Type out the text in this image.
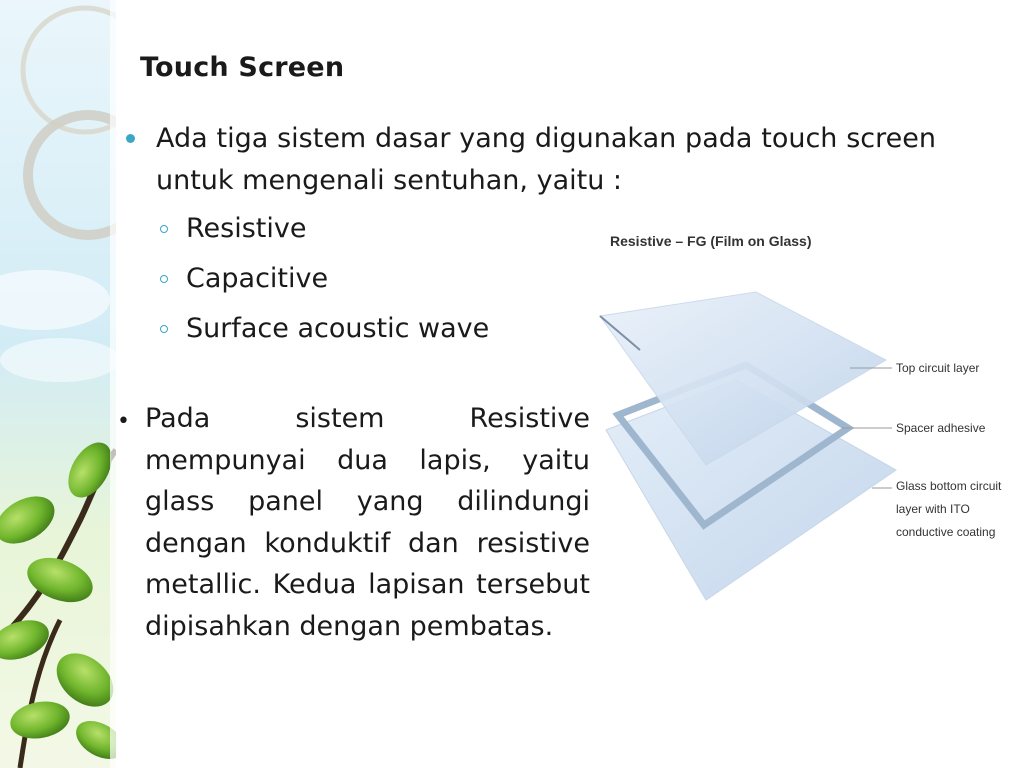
Touch Screen
Ada tiga sistem dasar yang digunakan pada touch screen untuk mengenali sentuhan, yaitu :
Resistive
Capacitive
Surface acoustic wave
• Pada sistem Resistive mempunyai dua lapis, yaitu glass panel yang dilindungi dengan konduktif dan resistive metallic. Kedua lapisan tersebut dipisahkan dengan pembatas.
Resistive – FG (Film on Glass)
Top circuit layer
Spacer adhesive
Glass bottom circuit
layer with ITO
conductive coating
